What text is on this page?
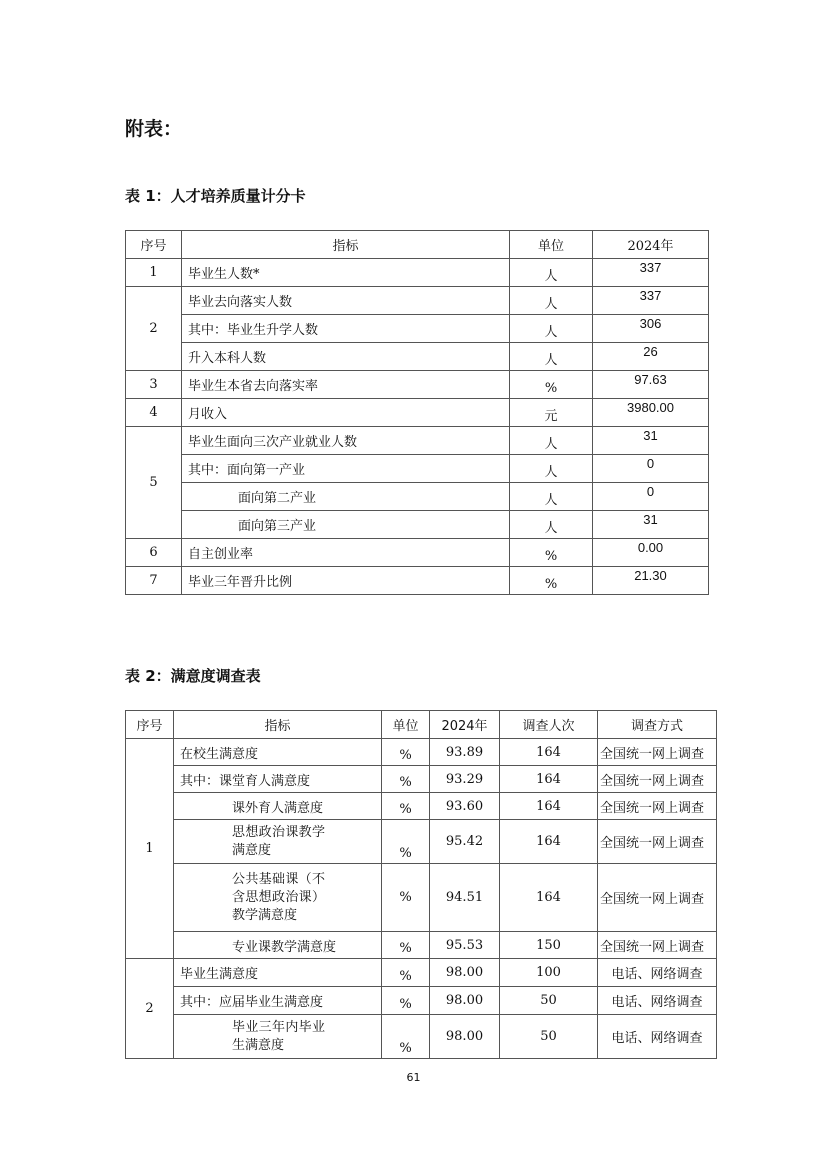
附表：
表 1：人才培养质量计分卡
序号	指标	单位	2024年
1	毕业生人数*	人	337
2	毕业去向落实人数	人	337
	其中：毕业生升学人数	人	306
	升入本科人数	人	26
3	毕业生本省去向落实率	%	97.63
4	月收入	元	3980.00
5	毕业生面向三次产业就业人数	人	31
	其中：面向第一产业	人	0
	面向第二产业	人	0
	面向第三产业	人	31
6	自主创业率	%	0.00
7	毕业三年晋升比例	%	21.30
表 2：满意度调查表
序号	指标	单位	2024年	调查人次	调查方式
1	在校生满意度	%	93.89	164	全国统一网上调查
	其中：课堂育人满意度	%	93.29	164	全国统一网上调查
	课外育人满意度	%	93.60	164	全国统一网上调查
	思想政治课教学满意度	%	95.42	164	全国统一网上调查
	公共基础课（不含思想政治课）教学满意度	%	94.51	164	全国统一网上调查
	专业课教学满意度	%	95.53	150	全国统一网上调查
2	毕业生满意度	%	98.00	100	电话、网络调查
	其中：应届毕业生满意度	%	98.00	50	电话、网络调查
	毕业三年内毕业生满意度	%	98.00	50	电话、网络调查
61
